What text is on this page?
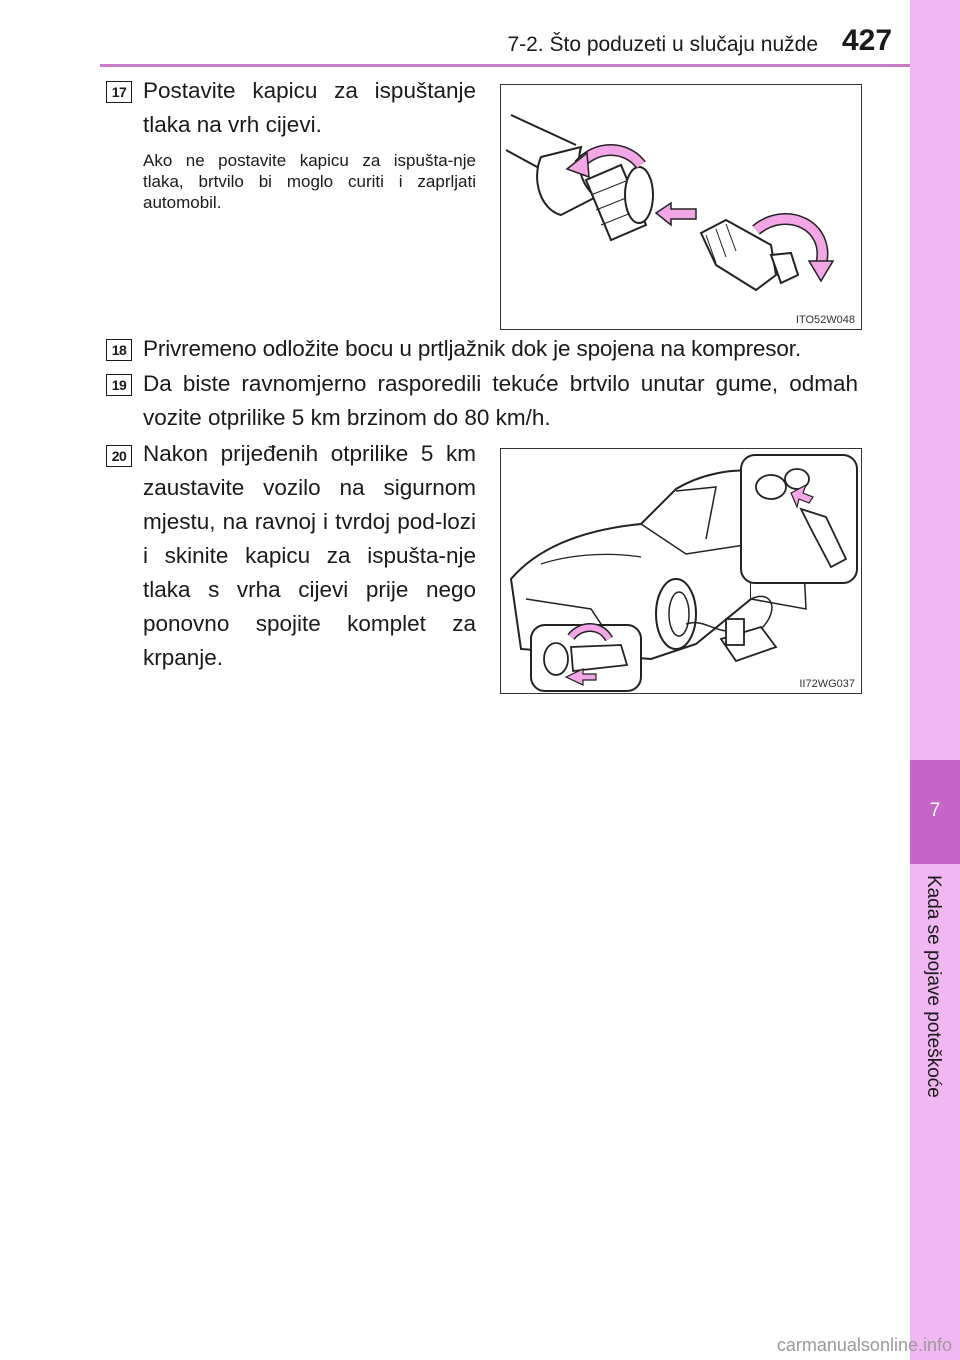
7-2. Što poduzeti u slučaju nužde 427
7
Kada se pojave poteškoće
17 Postavite kapicu za ispuštanje tlaka na vrh cijevi.
Ako ne postavite kapicu za ispušta-nje tlaka, brtvilo bi moglo curiti i zaprljati automobil.
ITO52W048
18 Privremeno odložite bocu u prtljažnik dok je spojena na kompresor.
19 Da biste ravnomjerno rasporedili tekuće brtvilo unutar gume, odmah vozite otprilike 5 km brzinom do 80 km/h.
20 Nakon prijeđenih otprilike 5 km zaustavite vozilo na sigurnom mjestu, na ravnoj i tvrdoj pod-lozi i skinite kapicu za ispušta-nje tlaka s vrha cijevi prije nego ponovno spojite komplet za krpanje.
II72WG037
carmanualsonline.info
